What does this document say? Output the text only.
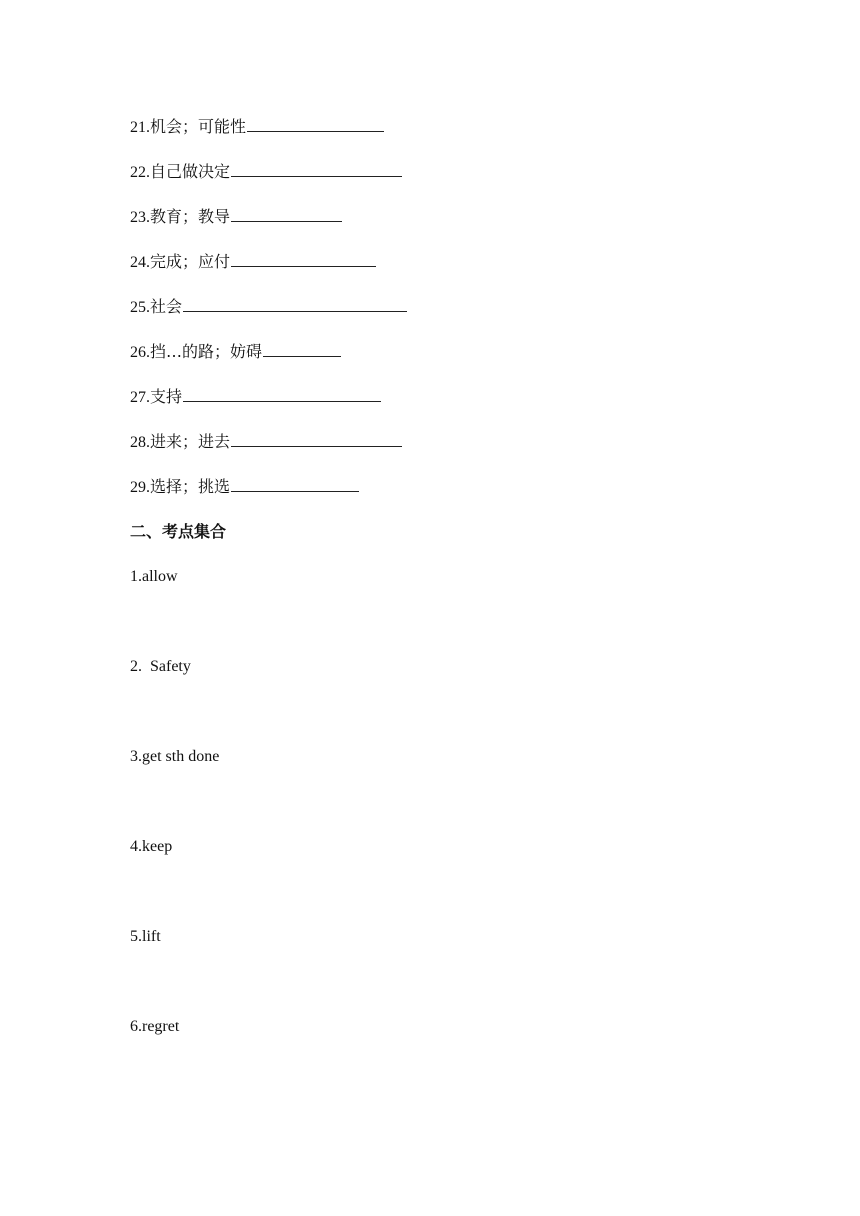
21.机会；可能性
22.自己做决定
23.教育；教导
24.完成；应付
25.社会
26.挡…的路；妨碍
27.支持
28.进来；进去
29.选择；挑选
二、考点集合
1.allow
2.  Safety
3.get sth done
4.keep
5.lift
6.regret
